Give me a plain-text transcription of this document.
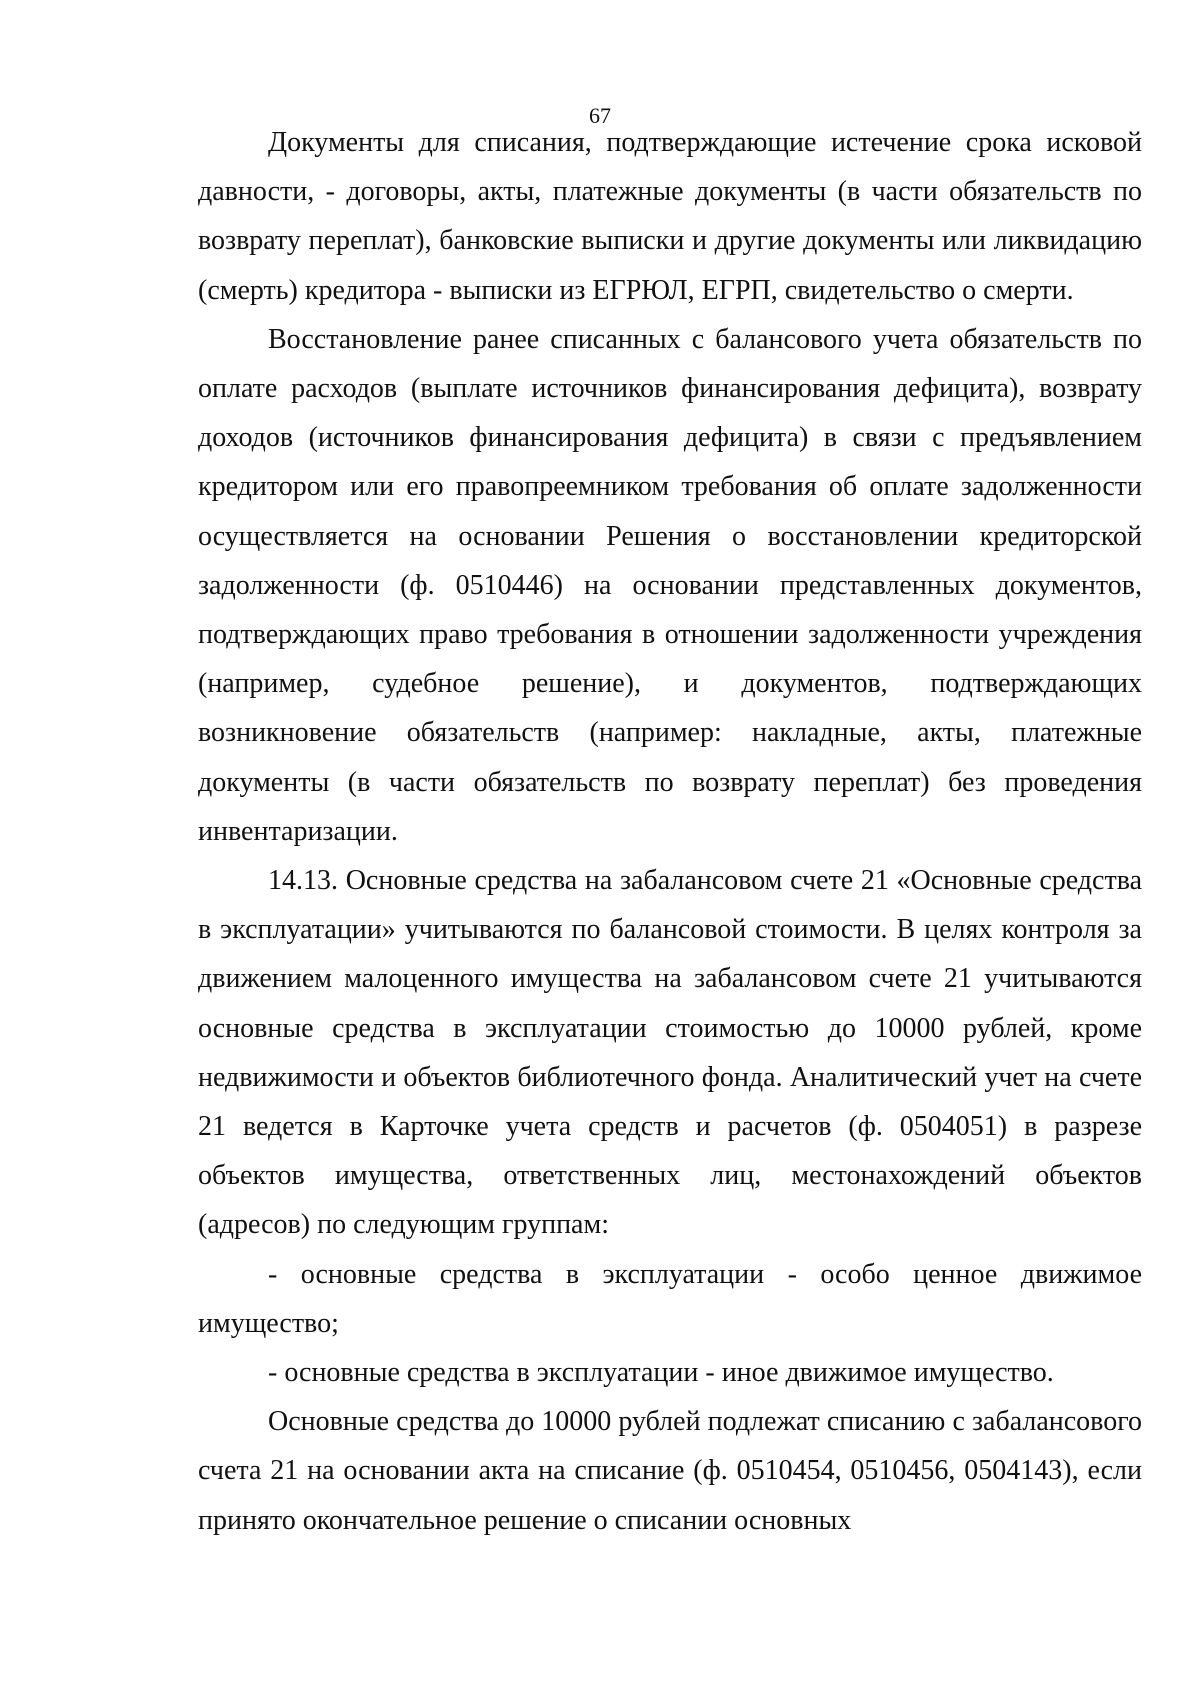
67

Документы для списания, подтверждающие истечение срока исковой давности, - договоры, акты, платежные документы (в части обязательств по возврату переплат), банковские выписки и другие документы или ликвидацию (смерть) кредитора - выписки из ЕГРЮЛ, ЕГРП, свидетельство о смерти.

Восстановление ранее списанных с балансового учета обязательств по оплате расходов (выплате источников финансирования дефицита), возврату доходов (источников финансирования дефицита) в связи с предъявлением кредитором или его правопреемником требования об оплате задолженности осуществляется на основании Решения о восстановлении кредиторской задолженности (ф. 0510446) на основании представленных документов, подтверждающих право требования в отношении задолженности учреждения (например, судебное решение), и документов, подтверждающих возникновение обязательств (например: накладные, акты, платежные документы (в части обязательств по возврату переплат) без проведения инвентаризации.

14.13. Основные средства на забалансовом счете 21 «Основные средства в эксплуатации» учитываются по балансовой стоимости. В целях контроля за движением малоценного имущества на забалансовом счете 21 учитываются основные средства в эксплуатации стоимостью до 10000 рублей, кроме недвижимости и объектов библиотечного фонда. Аналитический учет на счете 21 ведется в Карточке учета средств и расчетов (ф. 0504051) в разрезе объектов имущества, ответственных лиц, местонахождений объектов (адресов) по следующим группам:

- основные средства в эксплуатации - особо ценное движимое имущество;

- основные средства в эксплуатации - иное движимое имущество.

Основные средства до 10000 рублей подлежат списанию с забалансового счета 21 на основании акта на списание (ф. 0510454, 0510456, 0504143), если принято окончательное решение о списании основных
